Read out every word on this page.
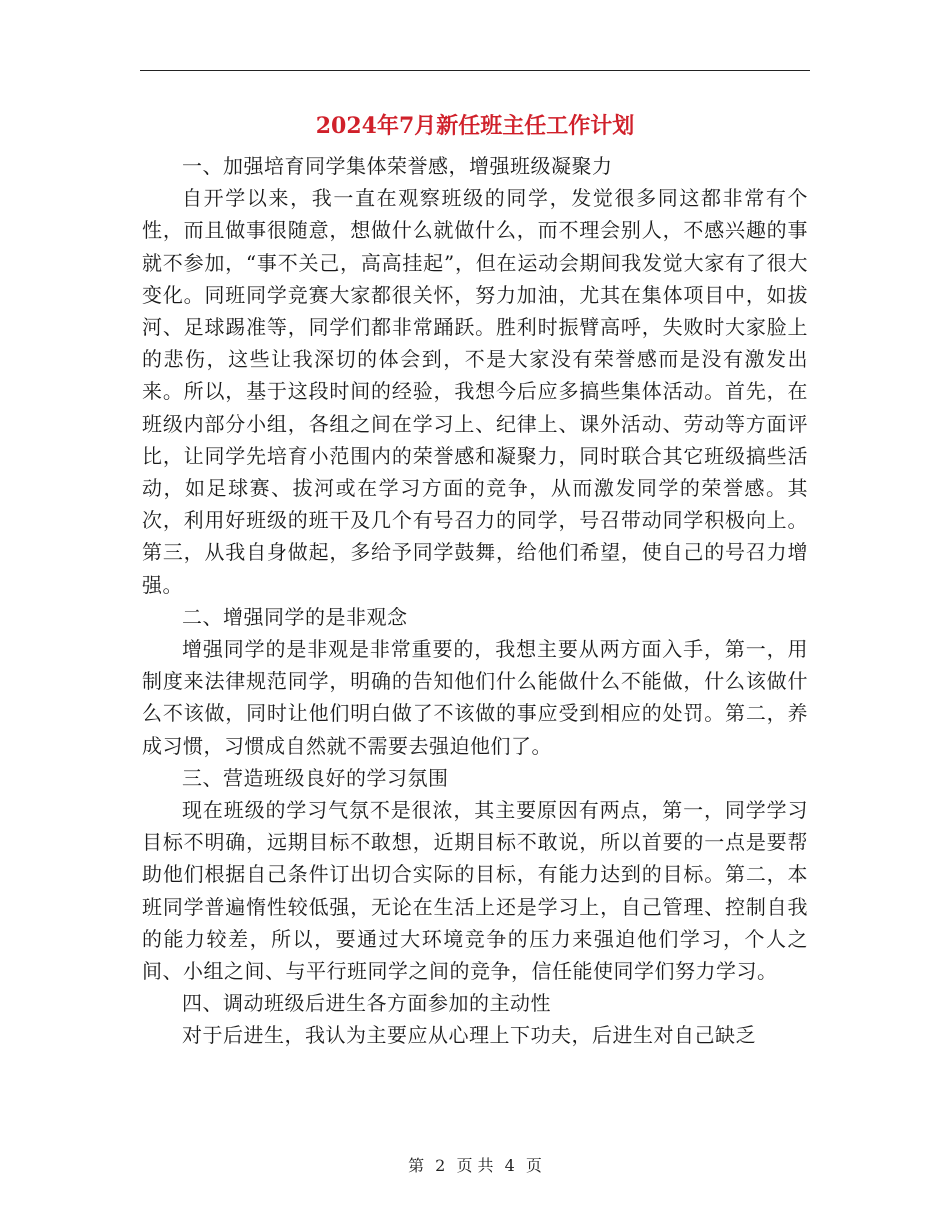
2024年7月新任班主任工作计划

一、加强培育同学集体荣誉感，增强班级凝聚力

自开学以来，我一直在观察班级的同学，发觉很多同这都非常有个性，而且做事很随意，想做什么就做什么，而不理会别人，不感兴趣的事就不参加，“事不关己，高高挂起”，但在运动会期间我发觉大家有了很大变化。同班同学竞赛大家都很关怀，努力加油，尤其在集体项目中，如拔河、足球踢准等，同学们都非常踊跃。胜利时振臂高呼，失败时大家脸上的悲伤，这些让我深切的体会到，不是大家没有荣誉感而是没有激发出来。所以，基于这段时间的经验，我想今后应多搞些集体活动。首先，在班级内部分小组，各组之间在学习上、纪律上、课外活动、劳动等方面评比，让同学先培育小范围内的荣誉感和凝聚力，同时联合其它班级搞些活动，如足球赛、拔河或在学习方面的竞争，从而激发同学的荣誉感。其次，利用好班级的班干及几个有号召力的同学，号召带动同学积极向上。第三，从我自身做起，多给予同学鼓舞，给他们希望，使自己的号召力增强。

二、增强同学的是非观念

增强同学的是非观是非常重要的，我想主要从两方面入手，第一，用制度来法律规范同学，明确的告知他们什么能做什么不能做，什么该做什么不该做，同时让他们明白做了不该做的事应受到相应的处罚。第二，养成习惯，习惯成自然就不需要去强迫他们了。

三、营造班级良好的学习氛围

现在班级的学习气氛不是很浓，其主要原因有两点，第一，同学学习目标不明确，远期目标不敢想，近期目标不敢说，所以首要的一点是要帮助他们根据自己条件订出切合实际的目标，有能力达到的目标。第二，本班同学普遍惰性较低强，无论在生活上还是学习上，自己管理、控制自我的能力较差，所以，要通过大环境竞争的压力来强迫他们学习，个人之间、小组之间、与平行班同学之间的竞争，信任能使同学们努力学习。

四、调动班级后进生各方面参加的主动性

对于后进生，我认为主要应从心理上下功夫，后进生对自己缺乏

第 2 页 共 4 页
